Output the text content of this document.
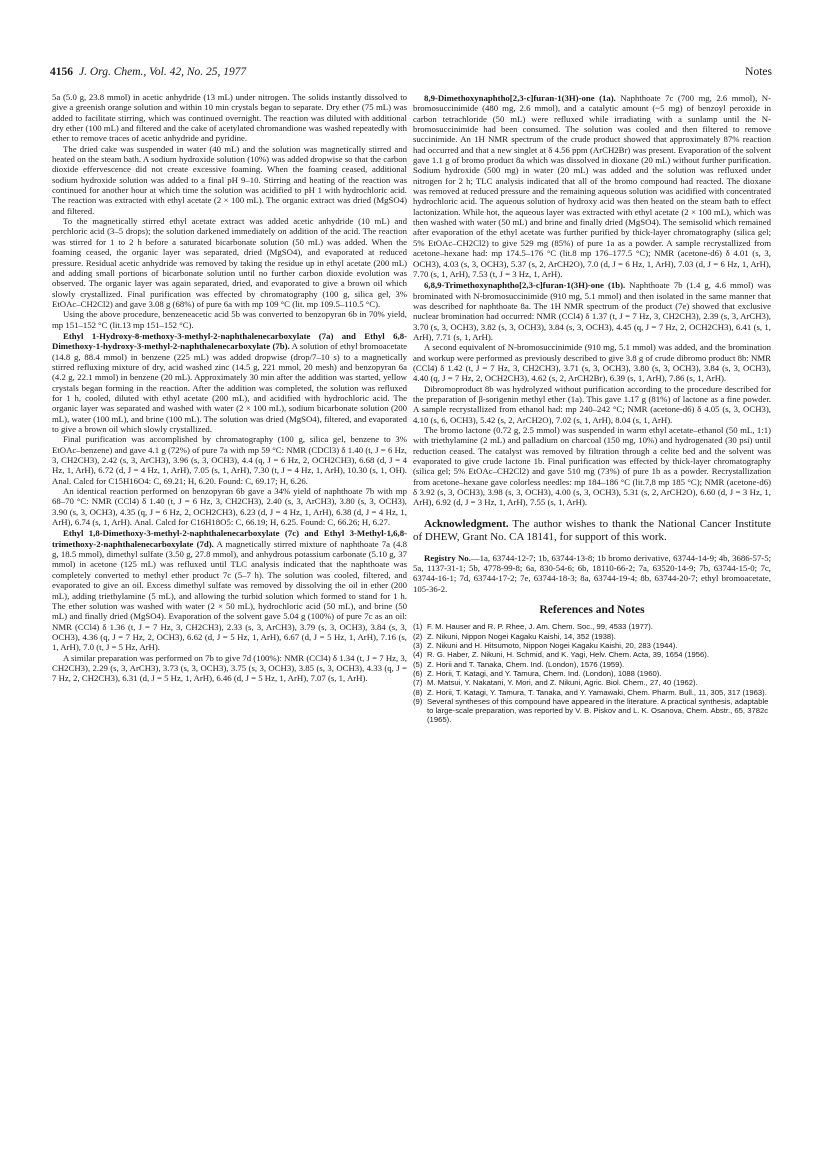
4156 J. Org. Chem., Vol. 42, No. 25, 1977	Notes

5a (5.0 g, 23.8 mmol) in acetic anhydride (13 mL) under nitrogen. The solids instantly dissolved to give a greenish orange solution and within 10 min crystals began to separate. Dry ether (75 mL) was added to facilitate stirring, which was continued overnight. The reaction was diluted with additional dry ether (100 mL) and filtered and the cake of acetylated chromandione was washed repeatedly with ether to remove traces of acetic anhydride and pyridine.

The dried cake was suspended in water (40 mL) and the solution was magnetically stirred and heated on the steam bath. A sodium hydroxide solution (10%) was added dropwise so that the carbon dioxide effervescence did not create excessive foaming. When the foaming ceased, additional sodium hydroxide solution was added to a final pH 9–10. Stirring and heating of the reaction was continued for another hour at which time the solution was acidified to pH 1 with hydrochloric acid. The reaction was extracted with ethyl acetate (2 × 100 mL). The organic extract was dried (MgSO4) and filtered.

To the magnetically stirred ethyl acetate extract was added acetic anhydride (10 mL) and perchloric acid (3–5 drops); the solution darkened immediately on addition of the acid. The reaction was stirred for 1 to 2 h before a saturated bicarbonate solution (50 mL) was added. When the foaming ceased, the organic layer was separated, dried (MgSO4), and evaporated at reduced pressure. Residual acetic anhydride was removed by taking the residue up in ethyl acetate (200 mL) and adding small portions of bicarbonate solution until no further carbon dioxide evolution was observed. The organic layer was again separated, dried, and evaporated to give a brown oil which slowly crystallized. Final purification was effected by chromatography (100 g, silica gel, 3% EtOAc–CH2Cl2) and gave 3.08 g (68%) of pure 6a with mp 109 °C (lit. mp 109.5–110.5 °C).

Using the above procedure, benzeneacetic acid 5b was converted to benzopyran 6b in 70% yield, mp 151–152 °C (lit.13 mp 151–152 °C).

Ethyl 1-Hydroxy-8-methoxy-3-methyl-2-naphthalenecarboxylate (7a) and Ethyl 6,8-Dimethoxy-1-hydroxy-3-methyl-2-naphthalenecarboxylate (7b). A solution of ethyl bromoacetate (14.8 g, 88.4 mmol) in benzene (225 mL) was added dropwise (drop/7–10 s) to a magnetically stirred refluxing mixture of dry, acid washed zinc (14.5 g, 221 mmol, 20 mesh) and benzopyran 6a (4.2 g, 22.1 mmol) in benzene (20 mL). Approximately 30 min after the addition was started, yellow crystals began forming in the reaction. After the addition was completed, the solution was refluxed for 1 h, cooled, diluted with ethyl acetate (200 mL), and acidified with hydrochloric acid. The organic layer was separated and washed with water (2 × 100 mL), sodium bicarbonate solution (200 mL), water (100 mL), and brine (100 mL). The solution was dried (MgSO4), filtered, and evaporated to give a brown oil which slowly crystallized.

Final purification was accomplished by chromatography (100 g, silica gel, benzene to 3% EtOAc–benzene) and gave 4.1 g (72%) of pure 7a with mp 59 °C: NMR (CDCl3) δ 1.40 (t, J = 6 Hz, 3, CH2CH3), 2.42 (s, 3, ArCH3), 3.96 (s, 3, OCH3), 4.4 (q, J = 6 Hz, 2, OCH2CH3), 6.68 (d, J = 4 Hz, 1, ArH), 6.72 (d, J = 4 Hz, 1, ArH), 7.05 (s, 1, ArH), 7.30 (t, J = 4 Hz, 1, ArH), 10.30 (s, 1, OH). Anal. Calcd for C15H16O4: C, 69.21; H, 6.20. Found: C, 69.17; H, 6.26.

An identical reaction performed on benzopyran 6b gave a 34% yield of naphthoate 7b with mp 68–70 °C: NMR (CCl4) δ 1.40 (t, J = 6 Hz, 3, CH2CH3), 2.40 (s, 3, ArCH3), 3.80 (s, 3, OCH3), 3.90 (s, 3, OCH3), 4.35 (q, J = 6 Hz, 2, OCH2CH3), 6.23 (d, J = 4 Hz, 1, ArH), 6.38 (d, J = 4 Hz, 1, ArH), 6.74 (s, 1, ArH). Anal. Calcd for C16H18O5: C, 66.19; H, 6.25. Found: C, 66.26; H, 6.27.

Ethyl 1,8-Dimethoxy-3-methyl-2-naphthalenecarboxylate (7c) and Ethyl 3-Methyl-1,6,8-trimethoxy-2-naphthalenecarboxylate (7d). A magnetically stirred mixture of naphthoate 7a (4.8 g, 18.5 mmol), dimethyl sulfate (3.50 g, 27.8 mmol), and anhydrous potassium carbonate (5.10 g, 37 mmol) in acetone (125 mL) was refluxed until TLC analysis indicated that the naphthoate was completely converted to methyl ether product 7c (5–7 h). The solution was cooled, filtered, and evaporated to give an oil. Excess dimethyl sulfate was removed by dissolving the oil in ether (200 mL), adding triethylamine (5 mL), and allowing the turbid solution which formed to stand for 1 h. The ether solution was washed with water (2 × 50 mL), hydrochloric acid (50 mL), and brine (50 mL) and finally dried (MgSO4). Evaporation of the solvent gave 5.04 g (100%) of pure 7c as an oil: NMR (CCl4) δ 1.36 (t, J = 7 Hz, 3, CH2CH3), 2.33 (s, 3, ArCH3), 3.79 (s, 3, OCH3), 3.84 (s, 3, OCH3), 4.36 (q, J = 7 Hz, 2, OCH3), 6.62 (d, J = 5 Hz, 1, ArH), 6.67 (d, J = 5 Hz, 1, ArH), 7.16 (s, 1, ArH), 7.0 (t, J = 5 Hz, ArH).

A similar preparation was performed on 7b to give 7d (100%): NMR (CCl4) δ 1.34 (t, J = 7 Hz, 3, CH2CH3), 2.29 (s, 3, ArCH3), 3.73 (s, 3, OCH3), 3.75 (s, 3, OCH3), 3.85 (s, 3, OCH3), 4.33 (q, J = 7 Hz, 2, CH2CH3), 6.31 (d, J = 5 Hz, 1, ArH), 6.46 (d, J = 5 Hz, 1, ArH), 7.07 (s, 1, ArH).

8,9-Dimethoxynaphtho[2,3-c]furan-1(3H)-one (1a). Naphthoate 7c (700 mg, 2.6 mmol), N-bromosuccinimide (480 mg, 2.6 mmol), and a catalytic amount (~5 mg) of benzoyl peroxide in carbon tetrachloride (50 mL) were refluxed while irradiating with a sunlamp until the N-bromosuccinimide had been consumed. The solution was cooled and then filtered to remove succinimide. An 1H NMR spectrum of the crude product showed that approximately 87% reaction had occurred and that a new singlet at δ 4.56 ppm (ArCH2Br) was present. Evaporation of the solvent gave 1.1 g of bromo product 8a which was dissolved in dioxane (20 mL) without further purification. Sodium hydroxide (500 mg) in water (20 mL) was added and the solution was refluxed under nitrogen for 2 h; TLC analysis indicated that all of the bromo compound had reacted. The dioxane was removed at reduced pressure and the remaining aqueous solution was acidified with concentrated hydrochloric acid. The aqueous solution of hydroxy acid was then heated on the steam bath to effect lactonization. While hot, the aqueous layer was extracted with ethyl acetate (2 × 100 mL), which was then washed with water (50 mL) and brine and finally dried (MgSO4). The semisolid which remained after evaporation of the ethyl acetate was further purified by thick-layer chromatography (silica gel; 5% EtOAc–CH2Cl2) to give 529 mg (85%) of pure 1a as a powder. A sample recrystallized from acetone–hexane had: mp 174.5–176 °C (lit.8 mp 176–177.5 °C); NMR (acetone-d6) δ 4.01 (s, 3, OCH3), 4.03 (s, 3, OCH3), 5.37 (s, 2, ArCH2O), 7.0 (d, J = 6 Hz, 1, ArH), 7.03 (d, J = 6 Hz, 1, ArH), 7.70 (s, 1, ArH), 7.53 (t, J = 3 Hz, 1, ArH).

6,8,9-Trimethoxynaphtho[2,3-c]furan-1(3H)-one (1b). Naphthoate 7b (1.4 g, 4.6 mmol) was brominated with N-bromosuccinimide (910 mg, 5.1 mmol) and then isolated in the same manner that was described for naphthoate 8a. The 1H NMR spectrum of the product (7e) showed that exclusive nuclear bromination had occurred: NMR (CCl4) δ 1.37 (t, J = 7 Hz, 3, CH2CH3), 2.39 (s, 3, ArCH3), 3.70 (s, 3, OCH3), 3.82 (s, 3, OCH3), 3.84 (s, 3, OCH3), 4.45 (q, J = 7 Hz, 2, OCH2CH3), 6.41 (s, 1, ArH), 7.71 (s, 1, ArH).

A second equivalent of N-bromosuccinimide (910 mg, 5.1 mmol) was added, and the bromination and workup were performed as previously described to give 3.8 g of crude dibromo product 8b: NMR (CCl4) δ 1.42 (t, J = 7 Hz, 3, CH2CH3), 3.71 (s, 3, OCH3), 3.80 (s, 3, OCH3), 3.84 (s, 3, OCH3), 4.40 (q, J = 7 Hz, 2, OCH2CH3), 4.62 (s, 2, ArCH2Br), 6.39 (s, 1, ArH), 7.86 (s, 1, ArH).

Dibromoproduct 8b was hydrolyzed without purification according to the procedure described for the preparation of β-sorigenin methyl ether (1a). This gave 1.17 g (81%) of lactone as a fine powder. A sample recrystallized from ethanol had: mp 240–242 °C; NMR (acetone-d6) δ 4.05 (s, 3, OCH3), 4.10 (s, 6, OCH3), 5.42 (s, 2, ArCH2O), 7.02 (s, 1, ArH), 8.04 (s, 1, ArH).

The bromo lactone (0.72 g, 2.5 mmol) was suspended in warm ethyl acetate–ethanol (50 mL, 1:1) with triethylamine (2 mL) and palladium on charcoal (150 mg, 10%) and hydrogenated (30 psi) until reduction ceased. The catalyst was removed by filtration through a celite bed and the solvent was evaporated to give crude lactone 1b. Final purification was effected by thick-layer chromatography (silica gel; 5% EtOAc–CH2Cl2) and gave 510 mg (73%) of pure 1b as a powder. Recrystallization from acetone–hexane gave colorless needles: mp 184–186 °C (lit.7,8 mp 185 °C); NMR (acetone-d6) δ 3.92 (s, 3, OCH3), 3.98 (s, 3, OCH3), 4.00 (s, 3, OCH3), 5.31 (s, 2, ArCH2O), 6.60 (d, J = 3 Hz, 1, ArH), 6.92 (d, J = 3 Hz, 1, ArH), 7.55 (s, 1, ArH).

Acknowledgment. The author wishes to thank the National Cancer Institute of DHEW, Grant No. CA 18141, for support of this work.

Registry No.—1a, 63744-12-7; 1b, 63744-13-8; 1b bromo derivative, 63744-14-9; 4b, 3686-57-5; 5a, 1137-31-1; 5b, 4778-99-8; 6a, 830-54-6; 6b, 18110-66-2; 7a, 63520-14-9; 7b, 63744-15-0; 7c, 63744-16-1; 7d, 63744-17-2; 7e, 63744-18-3; 8a, 63744-19-4; 8b, 63744-20-7; ethyl bromoacetate, 105-36-2.

References and Notes
(1) F. M. Hauser and R. P. Rhee, J. Am. Chem. Soc., 99, 4533 (1977).
(2) Z. Nikuni, Nippon Nogei Kagaku Kaishi, 14, 352 (1938).
(3) Z. Nikuni and H. Hitsumoto, Nippon Nogei Kagaku Kaishi, 20, 283 (1944).
(4) R. G. Haber, Z. Nikuni, H. Schmid, and K. Yagi, Helv. Chem. Acta, 39, 1654 (1956).
(5) Z. Horii and T. Tanaka, Chem. Ind. (London), 1576 (1959).
(6) Z. Horii, T. Katagi, and Y. Tamura, Chem. Ind. (London), 1088 (1960).
(7) M. Matsui, Y. Nakatani, Y. Mori, and Z. Nikuni, Agric. Biol. Chem., 27, 40 (1962).
(8) Z. Horii, T. Katagi, Y. Tamura, T. Tanaka, and Y. Yamawaki, Chem. Pharm. Bull., 11, 305, 317 (1963).
(9) Several syntheses of this compound have appeared in the literature. A practical synthesis, adaptable to large-scale preparation, was reported by V. B. Piskov and L. K. Osanova, Chem. Abstr., 65, 3782c (1965).
